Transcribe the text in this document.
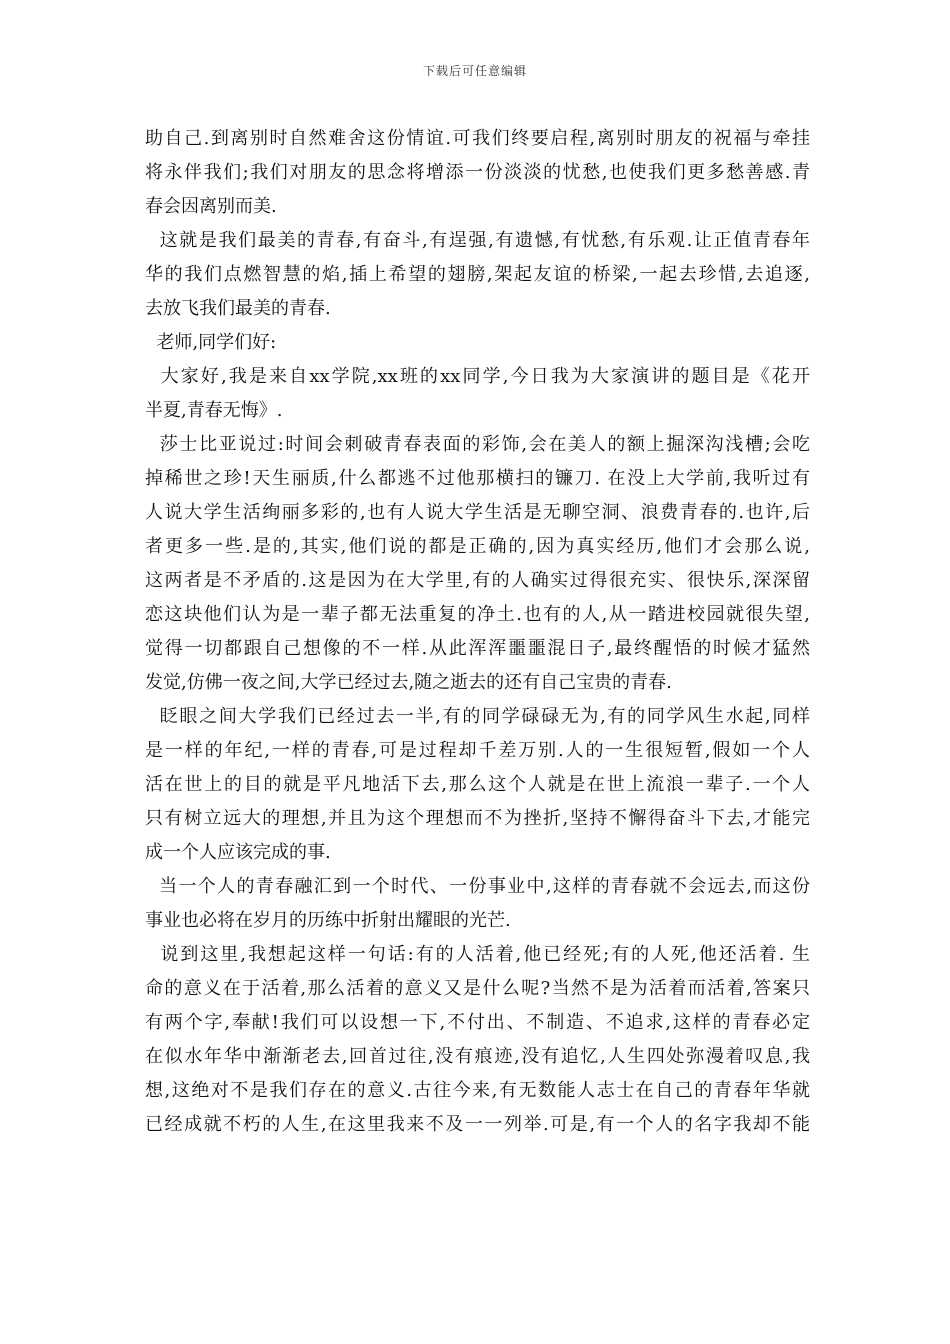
下载后可任意编辑
助自己.到离别时自然难舍这份情谊.可我们终要启程,离别时朋友的祝福与牵挂
将永伴我们;我们对朋友的思念将增添一份淡淡的忧愁,也使我们更多愁善感.青
春会因离别而美.
这就是我们最美的青春,有奋斗,有逞强,有遗憾,有忧愁,有乐观.让正值青春年
华的我们点燃智慧的焰,插上希望的翅膀,架起友谊的桥梁,一起去珍惜,去追逐,
去放飞我们最美的青春.
老师,同学们好:
大家好,我是来自xx学院,xx班的xx同学,今日我为大家演讲的题目是《花开
半夏,青春无悔》.
莎士比亚说过:时间会刺破青春表面的彩饰,会在美人的额上掘深沟浅槽;会吃
掉稀世之珍!天生丽质,什么都逃不过他那横扫的镰刀. 在没上大学前,我听过有
人说大学生活绚丽多彩的,也有人说大学生活是无聊空洞、浪费青春的.也许,后
者更多一些.是的,其实,他们说的都是正确的,因为真实经历,他们才会那么说,
这两者是不矛盾的.这是因为在大学里,有的人确实过得很充实、很快乐,深深留
恋这块他们认为是一辈子都无法重复的净土.也有的人,从一踏进校园就很失望,
觉得一切都跟自己想像的不一样.从此浑浑噩噩混日子,最终醒悟的时候才猛然
发觉,仿佛一夜之间,大学已经过去,随之逝去的还有自己宝贵的青春.
眨眼之间大学我们已经过去一半,有的同学碌碌无为,有的同学风生水起,同样
是一样的年纪,一样的青春,可是过程却千差万别.人的一生很短暂,假如一个人
活在世上的目的就是平凡地活下去,那么这个人就是在世上流浪一辈子.一个人
只有树立远大的理想,并且为这个理想而不为挫折,坚持不懈得奋斗下去,才能完
成一个人应该完成的事.
当一个人的青春融汇到一个时代、一份事业中,这样的青春就不会远去,而这份
事业也必将在岁月的历练中折射出耀眼的光芒.
说到这里,我想起这样一句话:有的人活着,他已经死;有的人死,他还活着. 生
命的意义在于活着,那么活着的意义又是什么呢?当然不是为活着而活着,答案只
有两个字,奉献!我们可以设想一下,不付出、不制造、不追求,这样的青春必定
在似水年华中渐渐老去,回首过往,没有痕迹,没有追忆,人生四处弥漫着叹息,我
想,这绝对不是我们存在的意义.古往今来,有无数能人志士在自己的青春年华就
已经成就不朽的人生,在这里我来不及一一列举.可是,有一个人的名字我却不能
